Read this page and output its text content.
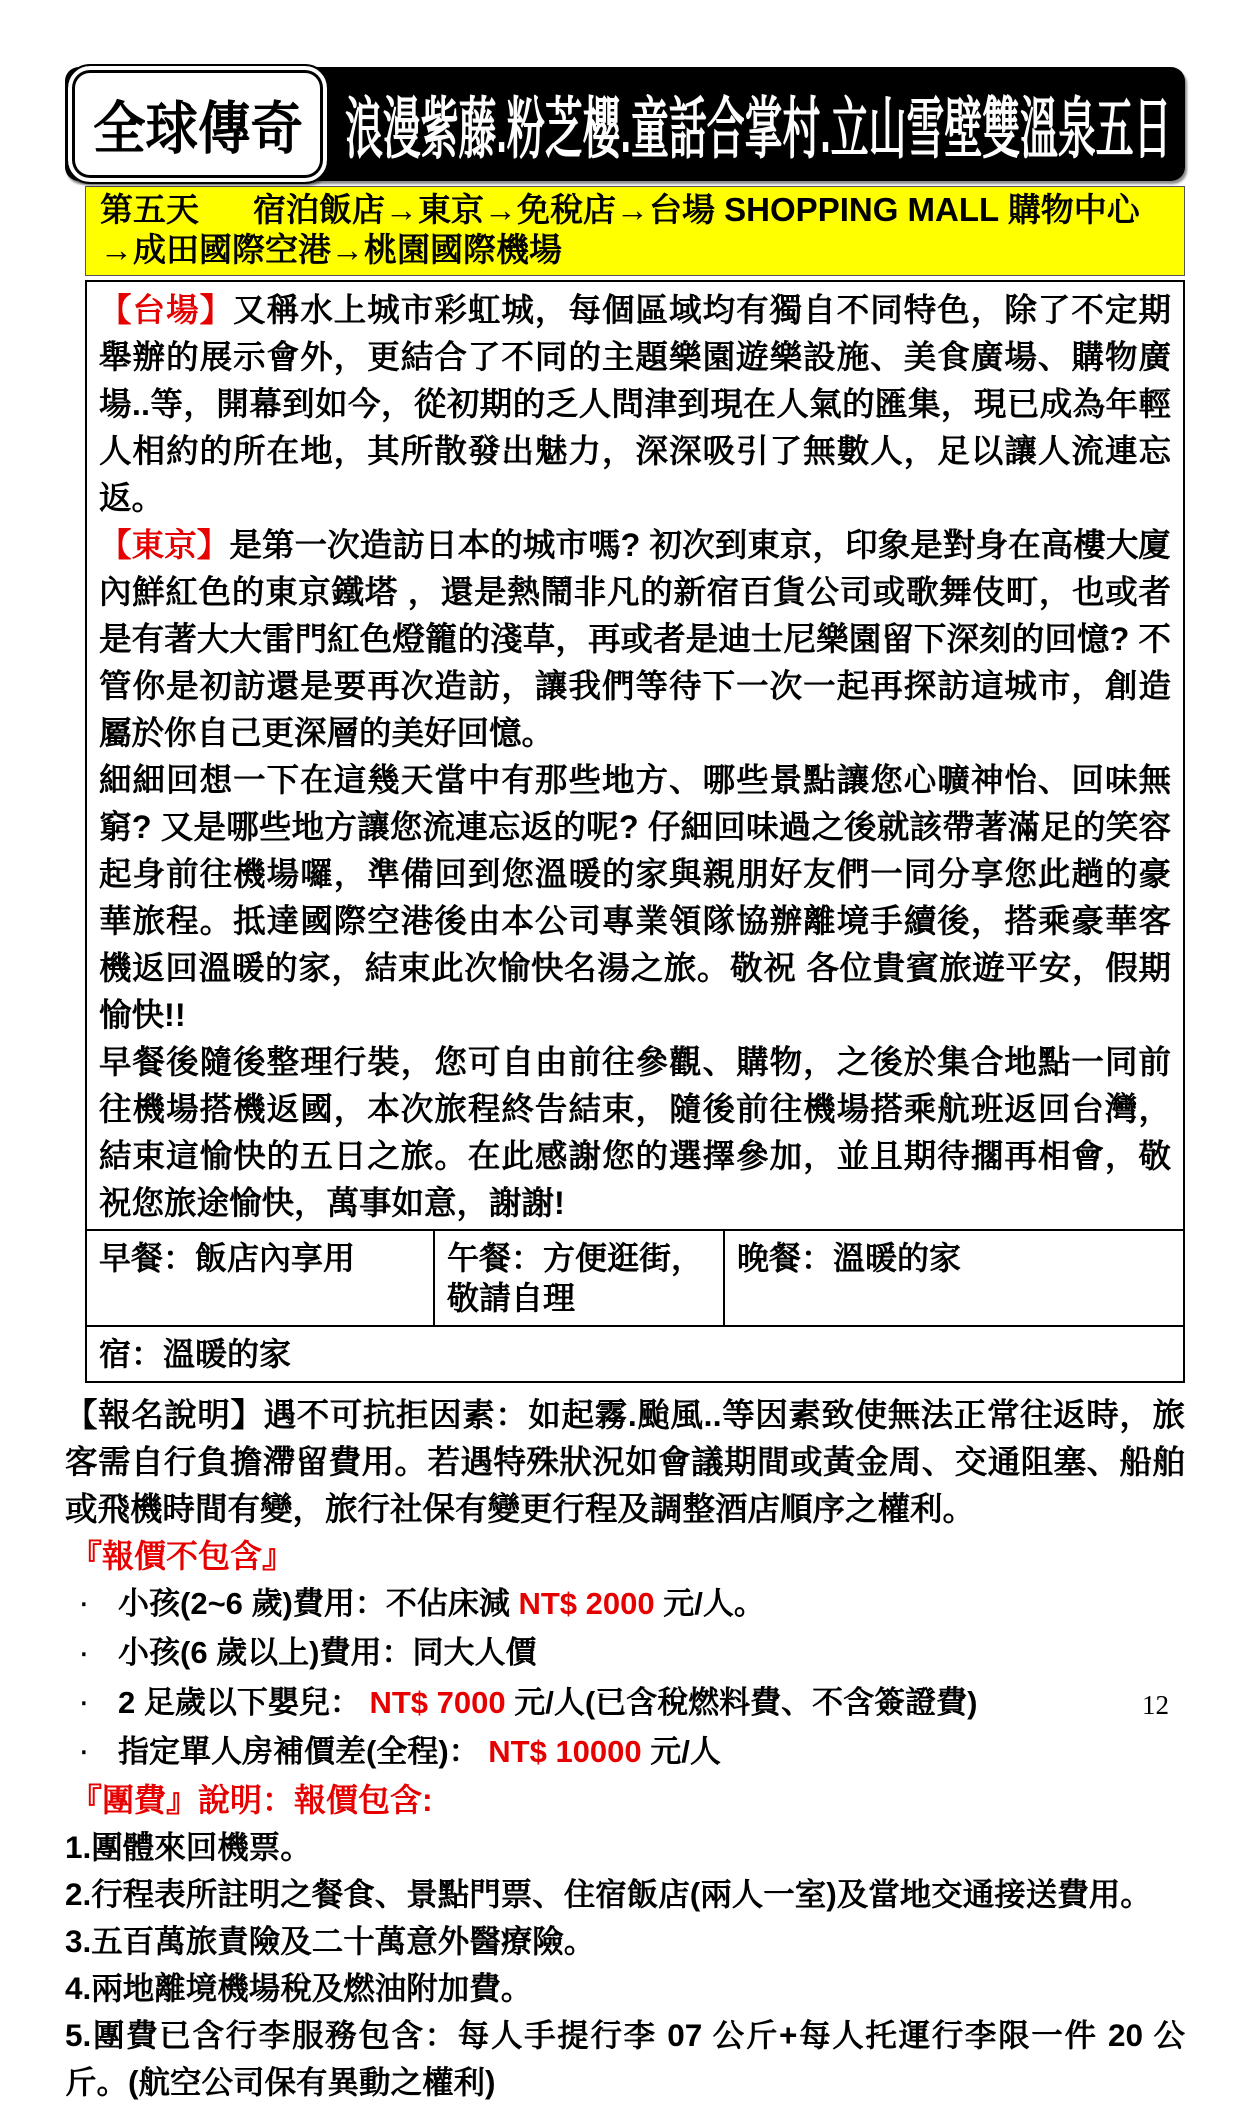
浪漫紫藤.粉芝櫻.童話合掌村.立山雪壁雙溫泉五日
全球傳奇
第五天 宿泊飯店→東京→免稅店→台場 SHOPPING MALL 購物中心→成田國際空港→桃園國際機場
【台場】又稱水上城市彩虹城，每個區域均有獨自不同特色，除了不定期舉辦的展示會外，更結合了不同的主題樂園遊樂設施、美食廣場、購物廣場..等，開幕到如今，從初期的乏人問津到現在人氣的匯集，現已成為年輕人相約的所在地，其所散發出魅力，深深吸引了無數人，足以讓人流連忘返。
【東京】是第一次造訪日本的城市嗎? 初次到東京，印象是對身在高樓大廈內鮮紅色的東京鐵塔 ，還是熱鬧非凡的新宿百貨公司或歌舞伎町，也或者是有著大大雷門紅色燈籠的淺草，再或者是迪士尼樂園留下深刻的回憶? 不管你是初訪還是要再次造訪，讓我們等待下一次一起再探訪這城市，創造屬於你自己更深層的美好回憶。
細細回想一下在這幾天當中有那些地方、哪些景點讓您心曠神怡、回味無窮? 又是哪些地方讓您流連忘返的呢? 仔細回味過之後就該帶著滿足的笑容起身前往機場囉，準備回到您溫暖的家與親朋好友們一同分享您此趟的豪華旅程。抵達國際空港後由本公司專業領隊協辦離境手續後，搭乘豪華客機返回溫暖的家，結束此次愉快名湯之旅。敬祝 各位貴賓旅遊平安，假期愉快!!
早餐後隨後整理行裝，您可自由前往參觀、購物，之後於集合地點一同前往機場搭機返國，本次旅程終告結束，隨後前往機場搭乘航班返回台灣，結束這愉快的五日之旅。在此感謝您的選擇參加，並且期待擱再相會，敬祝您旅途愉快，萬事如意，謝謝!
早餐：飯店內享用	午餐：方便逛街，敬請自理
晚餐：溫暖的家
宿：溫暖的家
【報名說明】遇不可抗拒因素：如起霧.颱風..等因素致使無法正常往返時，旅客需自行負擔滯留費用。若遇特殊狀況如會議期間或黃金周、交通阻塞、船舶或飛機時間有變，旅行社保有變更行程及調整酒店順序之權利。
『報價不包含』
‧ 小孩(2~6 歲)費用：不佔床減 NT$ 2000 元/人。
‧ 小孩(6 歲以上)費用：同大人價
‧ 2 足歲以下嬰兒： NT$ 7000 元/人(已含稅燃料費、不含簽證費)
‧ 指定單人房補價差(全程)： NT$ 10000 元/人
『團費』說明：報價包含:
1.團體來回機票。
2.行程表所註明之餐食、景點門票、住宿飯店(兩人一室)及當地交通接送費用。
3.五百萬旅責險及二十萬意外醫療險。
4.兩地離境機場稅及燃油附加費。
5.團費已含行李服務包含：每人手提行李 07 公斤+每人托運行李限一件 20 公斤。(航空公司保有異動之權利)
12
